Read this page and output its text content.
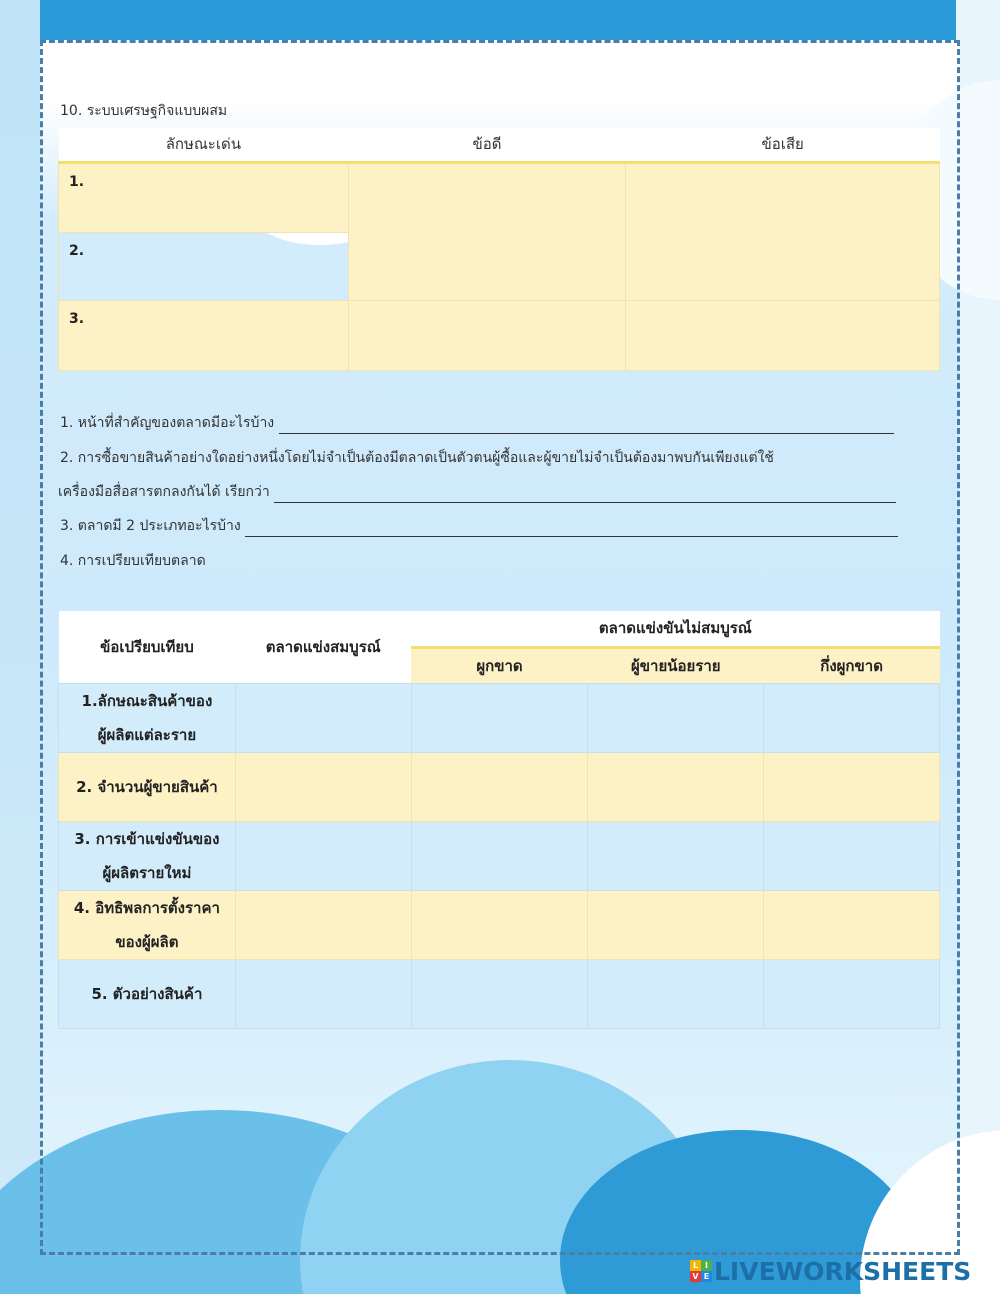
10. ระบบเศรษฐกิจแบบผสม
ลักษณะเด่น	ข้อดี	ข้อเสีย
1.		
2.		
3.		
1. หน้าที่สำคัญของตลาดมีอะไรบ้าง
2. การซื้อขายสินค้าอย่างใดอย่างหนึ่งโดยไม่จำเป็นต้องมีตลาดเป็นตัวตนผู้ซื้อและผู้ขายไม่จำเป็นต้องมาพบกันเพียงแต่ใช้
เครื่องมือสื่อสารตกลงกันได้ เรียกว่า
3. ตลาดมี 2 ประเภทอะไรบ้าง
4. การเปรียบเทียบตลาด
ข้อเปรียบเทียบ	ตลาดแข่งสมบูรณ์	ตลาดแข่งขันไม่สมบูรณ์		
		ผูกขาด	ผู้ขายน้อยราย	กึ่งผูกขาด

1.ลักษณะสินค้าของ
ผู้ผลิตแต่ละราย				

2. จำนวนผู้ขายสินค้า				

3. การเข้าแข่งขันของ
ผู้ผลิตรายใหม่				

4. อิทธิพลการตั้งราคา
ของผู้ผลิต				

5. ตัวอย่างสินค้า				

L I
V E LIVEWORKSHEETS
